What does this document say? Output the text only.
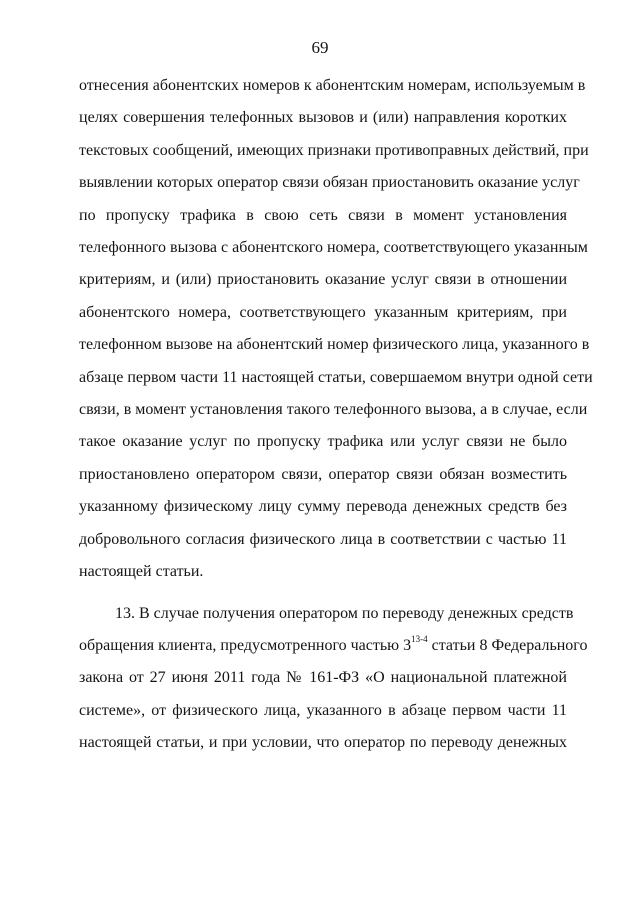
69

отнесения абонентских номеров к абонентским номерам, используемым в
целях совершения телефонных вызовов и (или) направления коротких
текстовых сообщений, имеющих признаки противоправных действий, при
выявлении которых оператор связи обязан приостановить оказание услуг
по пропуску трафика в свою сеть связи в момент установления
телефонного вызова с абонентского номера, соответствующего указанным
критериям, и (или) приостановить оказание услуг связи в отношении
абонентского номера, соответствующего указанным критериям, при
телефонном вызове на абонентский номер физического лица, указанного в
абзаце первом части 11 настоящей статьи, совершаемом внутри одной сети
связи, в момент установления такого телефонного вызова, а в случае, если
такое оказание услуг по пропуску трафика или услуг связи не было
приостановлено оператором связи, оператор связи обязан возместить
указанному физическому лицу сумму перевода денежных средств без
добровольного согласия физического лица в соответствии с частью 11
настоящей статьи.

13. В случае получения оператором по переводу денежных средств
обращения клиента, предусмотренного частью 3$^{13-4}$ статьи 8 Федерального
закона от 27 июня 2011 года № 161-ФЗ «О национальной платежной
системе», от физического лица, указанного в абзаце первом части 11
настоящей статьи, и при условии, что оператор по переводу денежных
